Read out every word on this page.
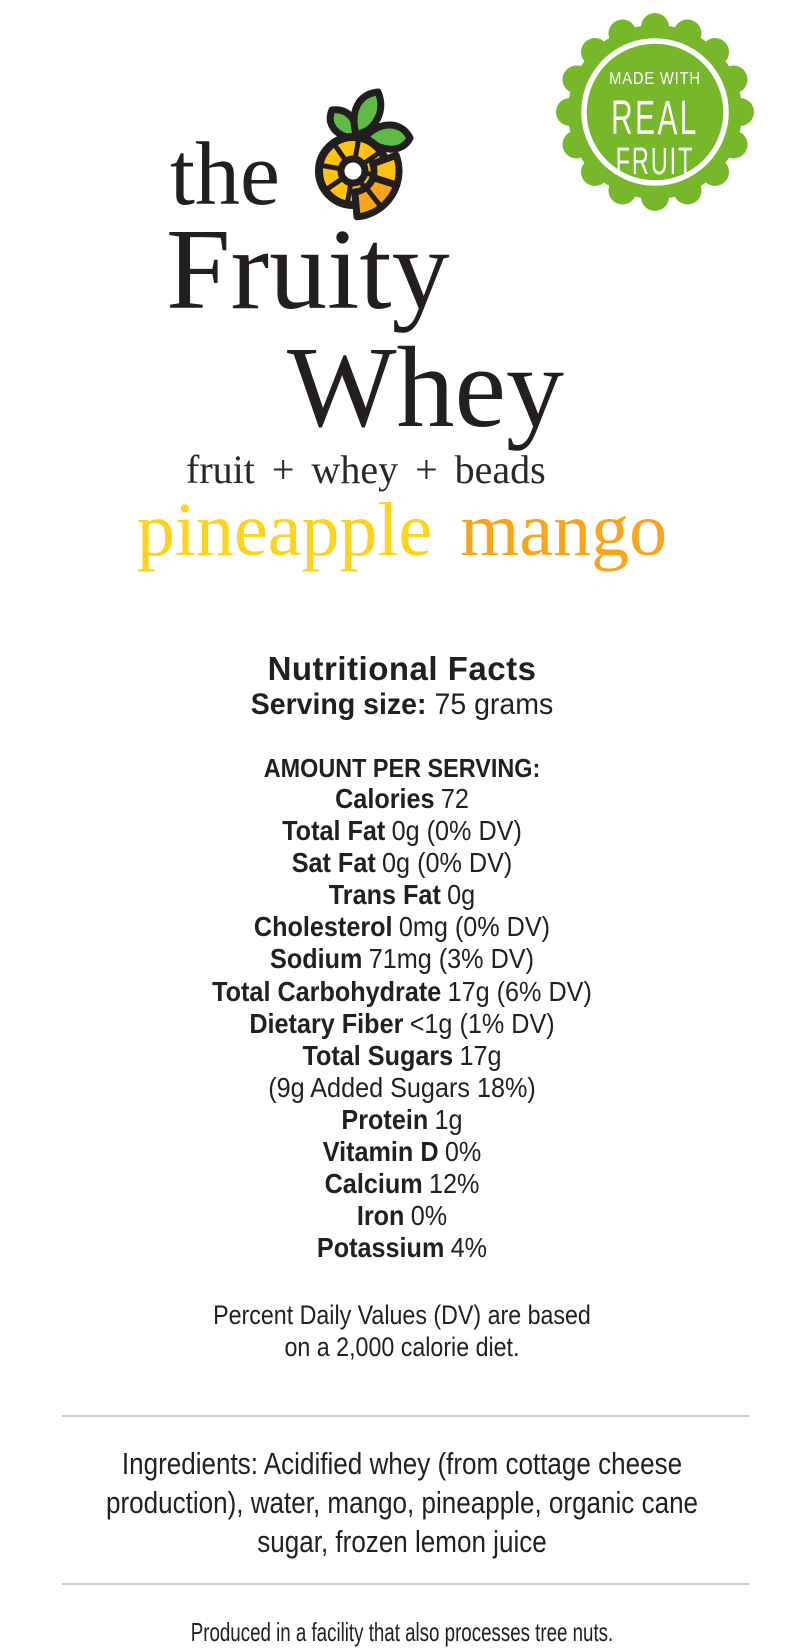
MADE WITH
REAL
FRUIT
the
Fruity
Whey
fruit + whey + beads
pineapple mango
Nutritional Facts
Serving size: 75 grams
AMOUNT PER SERVING:
Calories 72
Total Fat 0g (0% DV)
Sat Fat 0g (0% DV)
Trans Fat 0g
Cholesterol 0mg (0% DV)
Sodium 71mg (3% DV)
Total Carbohydrate 17g (6% DV)
Dietary Fiber <1g (1% DV)
Total Sugars 17g
(9g Added Sugars 18%)
Protein 1g
Vitamin D 0%
Calcium 12%
Iron 0%
Potassium 4%
Percent Daily Values (DV) are based
on a 2,000 calorie diet.
Ingredients: Acidified whey (from cottage cheese
production), water, mango, pineapple, organic cane
sugar, frozen lemon juice
Produced in a facility that also processes tree nuts.
